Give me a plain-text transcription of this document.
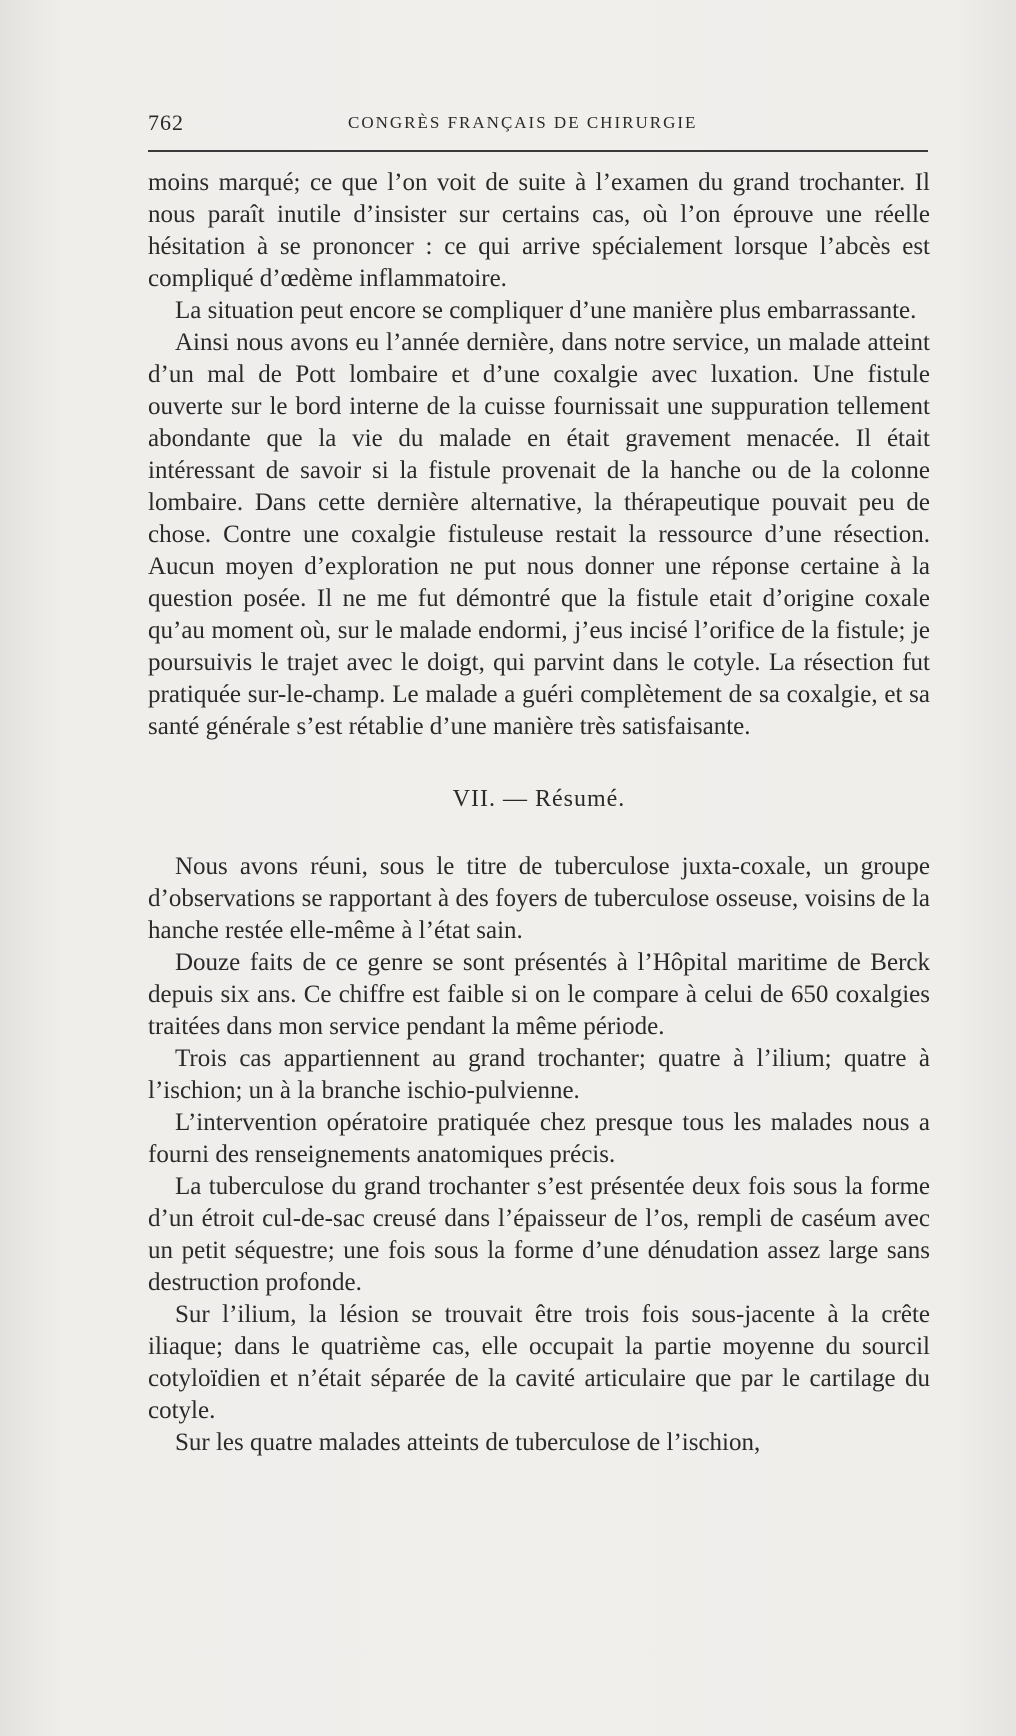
762	CONGRÈS FRANÇAIS DE CHIRURGIE

moins marqué; ce que l’on voit de suite à l’examen du grand trochanter. Il nous paraît inutile d’insister sur certains cas, où l’on éprouve une réelle hésitation à se prononcer : ce qui arrive spécialement lorsque l’abcès est compliqué d’œdème inflammatoire.

La situation peut encore se compliquer d’une manière plus embarrassante.

Ainsi nous avons eu l’année dernière, dans notre service, un malade atteint d’un mal de Pott lombaire et d’une coxalgie avec luxation. Une fistule ouverte sur le bord interne de la cuisse fournissait une suppuration tellement abondante que la vie du malade en était gravement menacée. Il était intéressant de savoir si la fistule provenait de la hanche ou de la colonne lombaire. Dans cette dernière alternative, la thérapeutique pouvait peu de chose. Contre une coxalgie fistuleuse restait la ressource d’une résection. Aucun moyen d’exploration ne put nous donner une réponse certaine à la question posée. Il ne me fut démontré que la fistule etait d’origine coxale qu’au moment où, sur le malade endormi, j’eus incisé l’orifice de la fistule; je poursuivis le trajet avec le doigt, qui parvint dans le cotyle. La résection fut pratiquée sur-le-champ. Le malade a guéri complètement de sa coxalgie, et sa santé générale s’est rétablie d’une manière très satisfaisante.

VII. — Résumé.

Nous avons réuni, sous le titre de tuberculose juxta-coxale, un groupe d’observations se rapportant à des foyers de tuberculose osseuse, voisins de la hanche restée elle-même à l’état sain.

Douze faits de ce genre se sont présentés à l’Hôpital maritime de Berck depuis six ans. Ce chiffre est faible si on le compare à celui de 650 coxalgies traitées dans mon service pendant la même période.

Trois cas appartiennent au grand trochanter; quatre à l’ilium; quatre à l’ischion; un à la branche ischio-pulvienne.

L’intervention opératoire pratiquée chez presque tous les malades nous a fourni des renseignements anatomiques précis.

La tuberculose du grand trochanter s’est présentée deux fois sous la forme d’un étroit cul-de-sac creusé dans l’épaisseur de l’os, rempli de caséum avec un petit séquestre; une fois sous la forme d’une dénudation assez large sans destruction profonde.

Sur l’ilium, la lésion se trouvait être trois fois sous-jacente à la crête iliaque; dans le quatrième cas, elle occupait la partie moyenne du sourcil cotyloïdien et n’était séparée de la cavité articulaire que par le cartilage du cotyle.

Sur les quatre malades atteints de tuberculose de l’ischion,
